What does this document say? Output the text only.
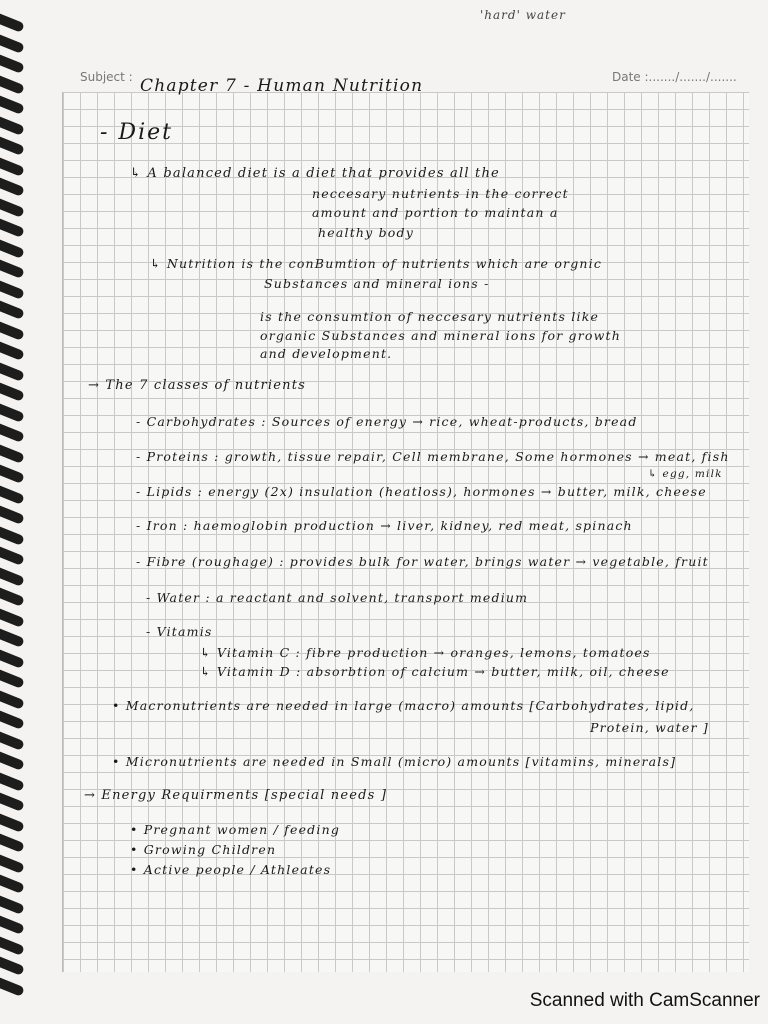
'hard' water
Subject :	Date :......./......./.......
Chapter 7 - Human Nutrition
- Diet
↳ A balanced diet is a diet that provides all the
neccesary nutrients in the correct
amount and portion to maintan a
healthy body
↳ Nutrition is the conBumtion of nutrients which are orgnic
Substances and mineral ions -
is the consumtion of neccesary nutrients like
organic Substances and mineral ions for growth
and development.
→ The 7 classes of nutrients
- Carbohydrates : Sources of energy → rice, wheat-products, bread
- Proteins : growth, tissue repair, Cell membrane, Some hormones → meat, fish
↳ egg, milk
- Lipids : energy (2x) insulation (heatloss), hormones → butter, milk, cheese
- Iron : haemoglobin production → liver, kidney, red meat, spinach
- Fibre (roughage) : provides bulk for water, brings water → vegetable, fruit
- Water : a reactant and solvent, transport medium
- Vitamis
↳ Vitamin C : fibre production → oranges, lemons, tomatoes
↳ Vitamin D : absorbtion of calcium → butter, milk, oil, cheese
• Macronutrients are needed in large (macro) amounts [Carbohydrates, lipid,
Protein, water ]
• Micronutrients are needed in Small (micro) amounts [vitamins, minerals]
→ Energy Requirments [special needs ]
• Pregnant women / feeding
• Growing Children
• Active people / Athleates
Scanned with CamScanner
